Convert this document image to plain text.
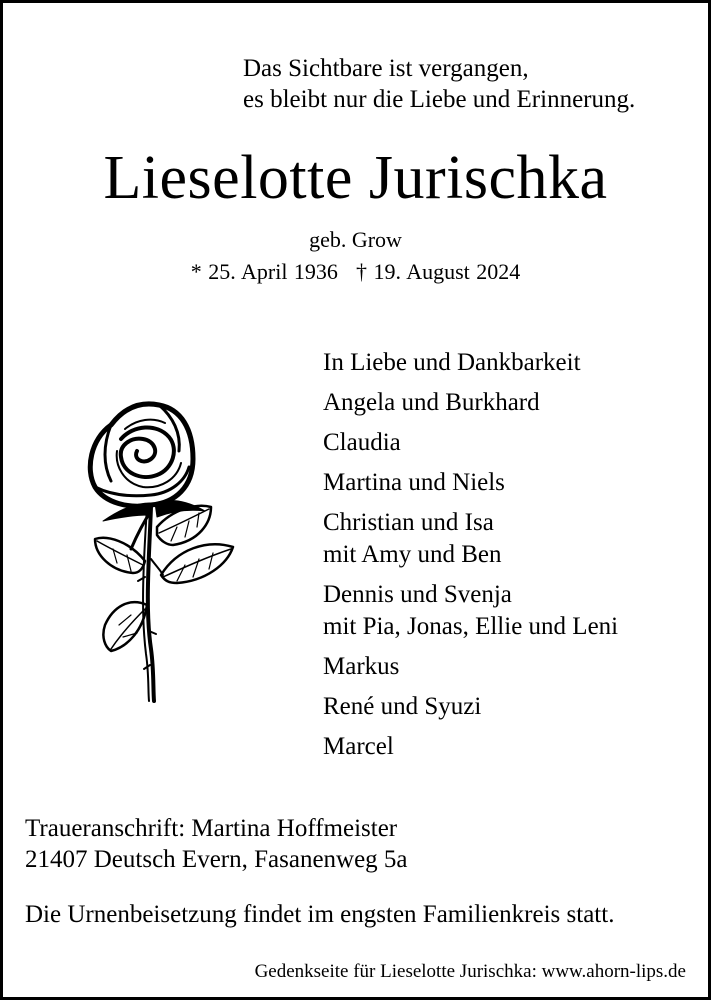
Das Sichtbare ist vergangen,
es bleibt nur die Liebe und Erinnerung.
Lieselotte Jurischka
geb. Grow
* 25. April 1936 † 19. August 2024
In Liebe und Dankbarkeit
Angela und Burkhard
Claudia
Martina und Niels
Christian und Isa
mit Amy und Ben
Dennis und Svenja
mit Pia, Jonas, Ellie und Leni
Markus
René und Syuzi
Marcel
Traueranschrift: Martina Hoffmeister
21407 Deutsch Evern, Fasanenweg 5a
Die Urnenbeisetzung findet im engsten Familienkreis statt.
Gedenkseite für Lieselotte Jurischka: www.ahorn-lips.de
